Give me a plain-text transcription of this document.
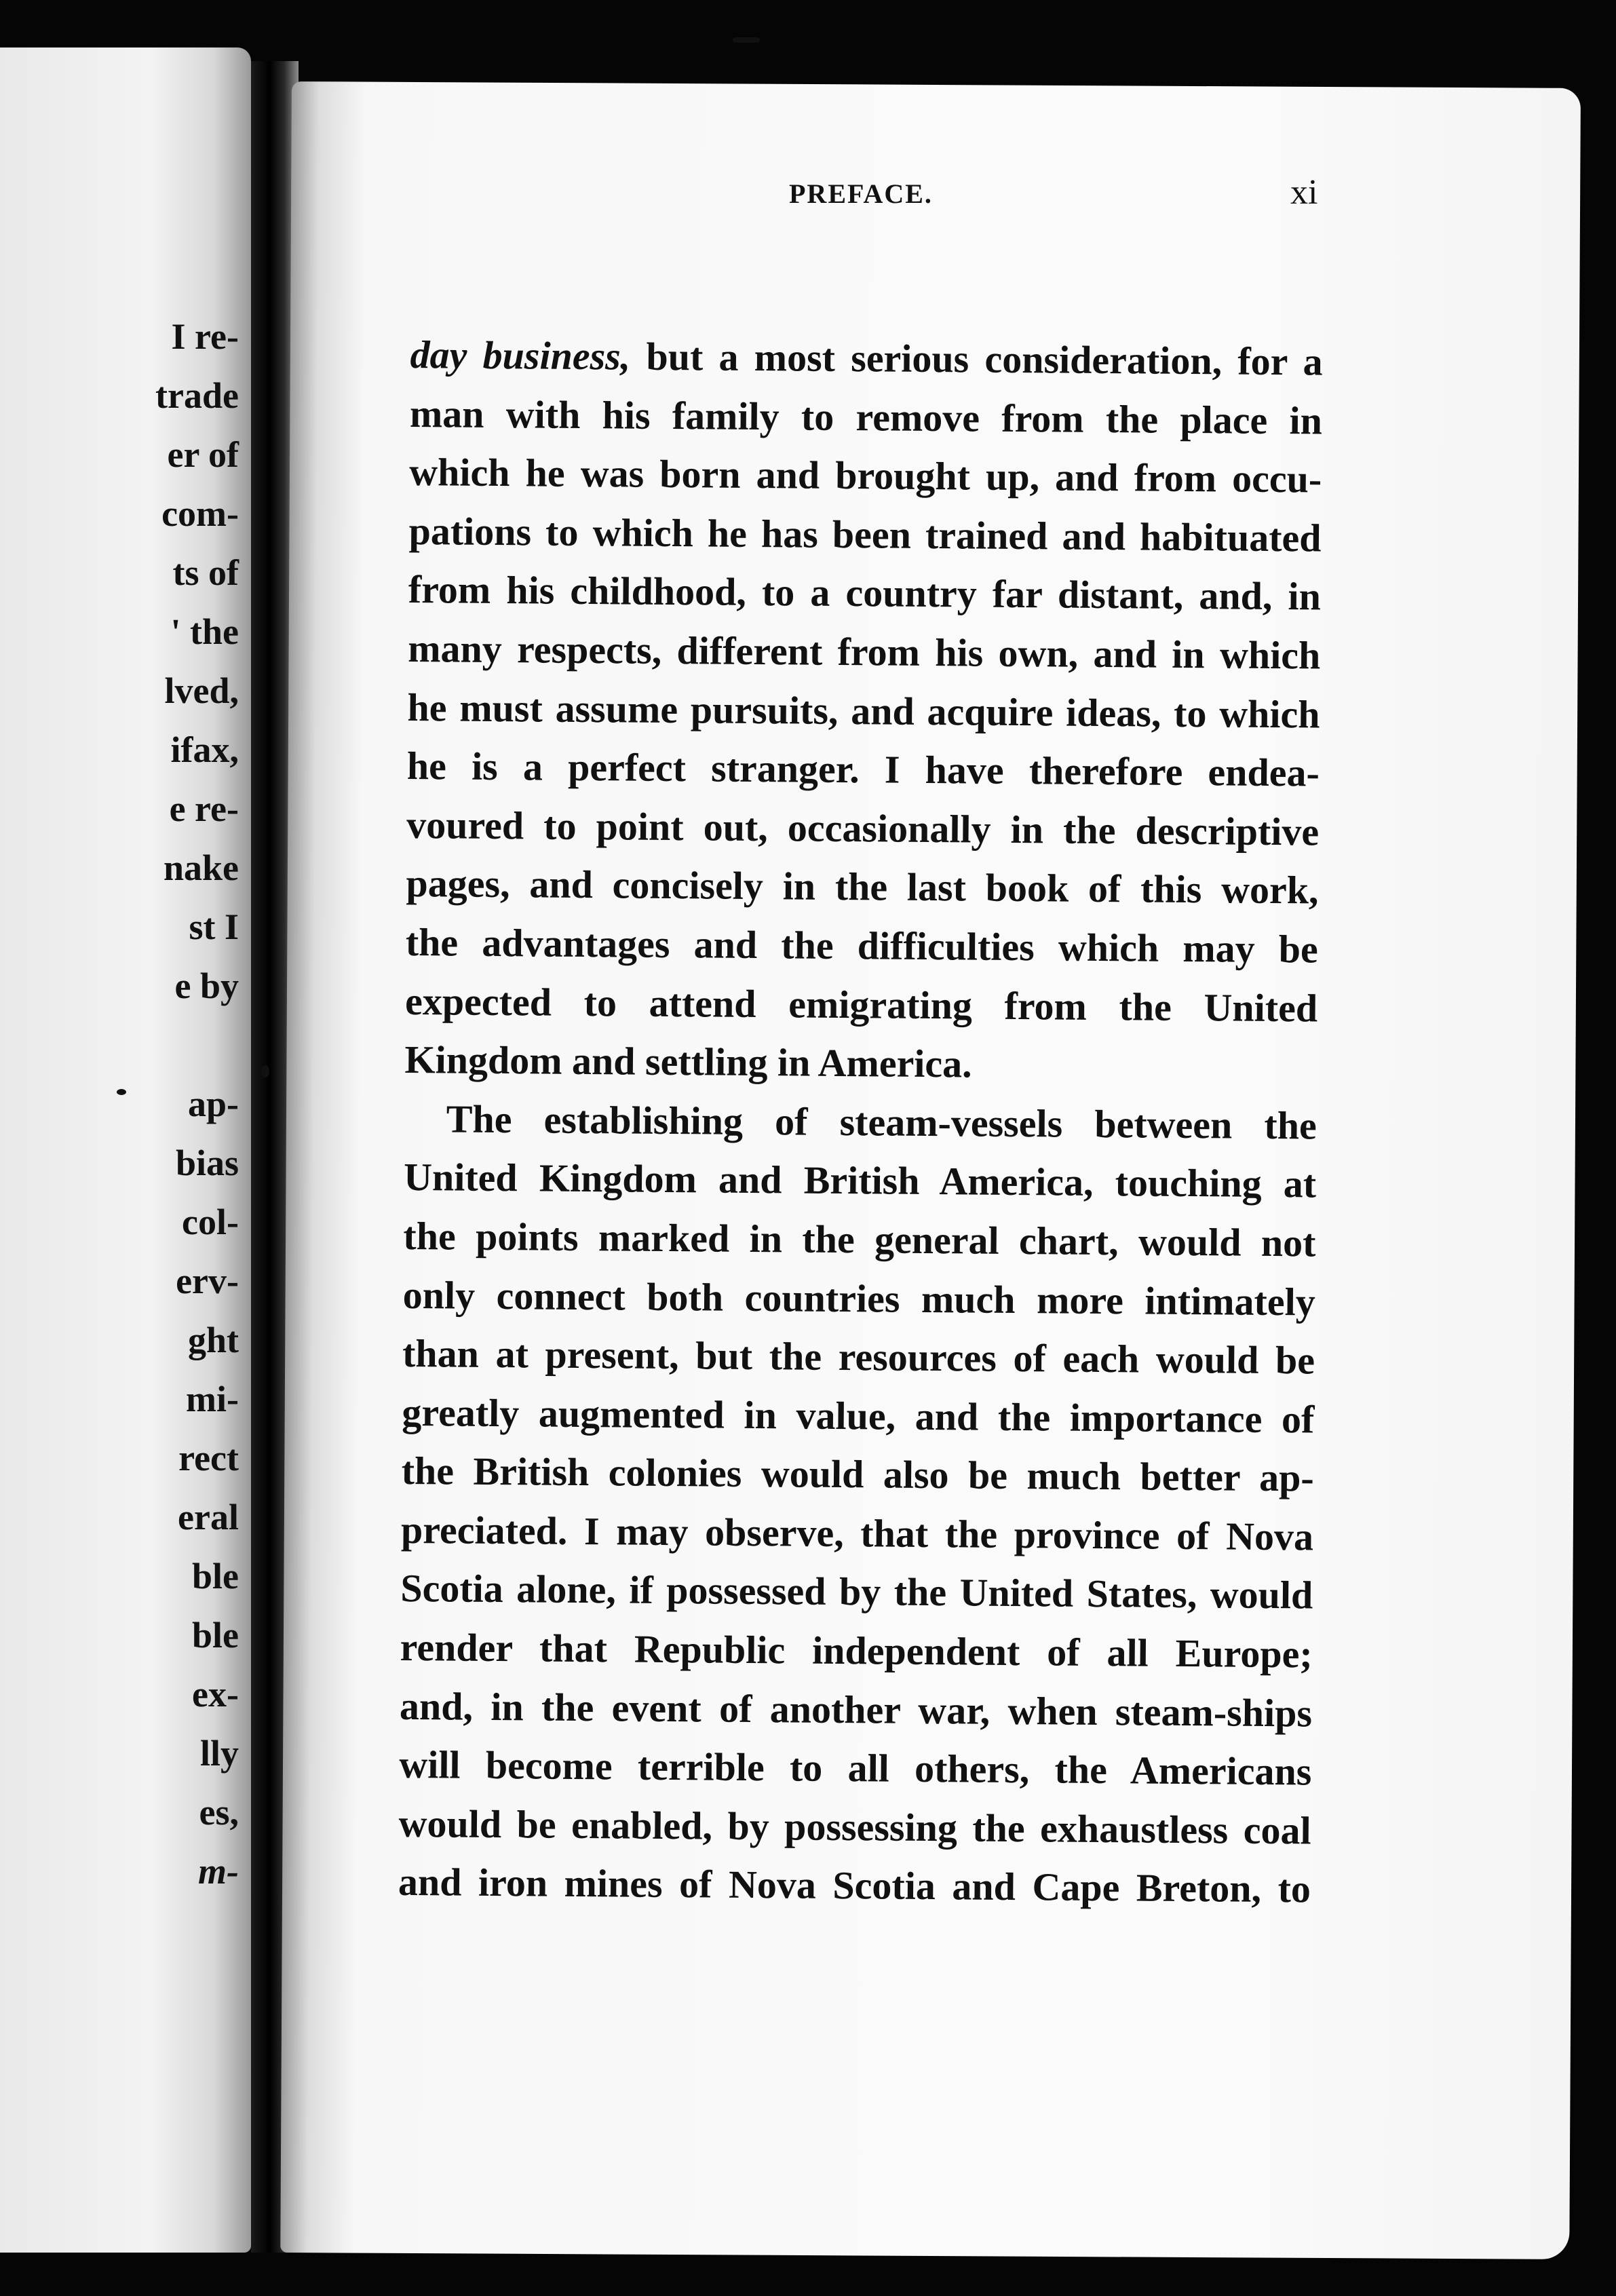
I re-
trade
er of
com-
ts of
' the
lved,
ifax,
e re-
nake
st I
e by
ap-
bias
col-
erv-
ght
mi-
rect
eral
ble
ble
ex-
lly
es,
m-
PREFACE.	xi
day business, but a most serious consideration, for a
man with his family to remove from the place in
which he was born and brought up, and from occu-
pations to which he has been trained and habituated
from his childhood, to a country far distant, and, in
many respects, different from his own, and in which
he must assume pursuits, and acquire ideas, to which
he is a perfect stranger. I have therefore endea-
voured to point out, occasionally in the descriptive
pages, and concisely in the last book of this work,
the advantages and the difficulties which may be
expected to attend emigrating from the United
Kingdom and settling in America.
The establishing of steam-vessels between the
United Kingdom and British America, touching at
the points marked in the general chart, would not
only connect both countries much more intimately
than at present, but the resources of each would be
greatly augmented in value, and the importance of
the British colonies would also be much better ap-
preciated. I may observe, that the province of Nova
Scotia alone, if possessed by the United States, would
render that Republic independent of all Europe;
and, in the event of another war, when steam-ships
will become terrible to all others, the Americans
would be enabled, by possessing the exhaustless coal
and iron mines of Nova Scotia and Cape Breton, to
